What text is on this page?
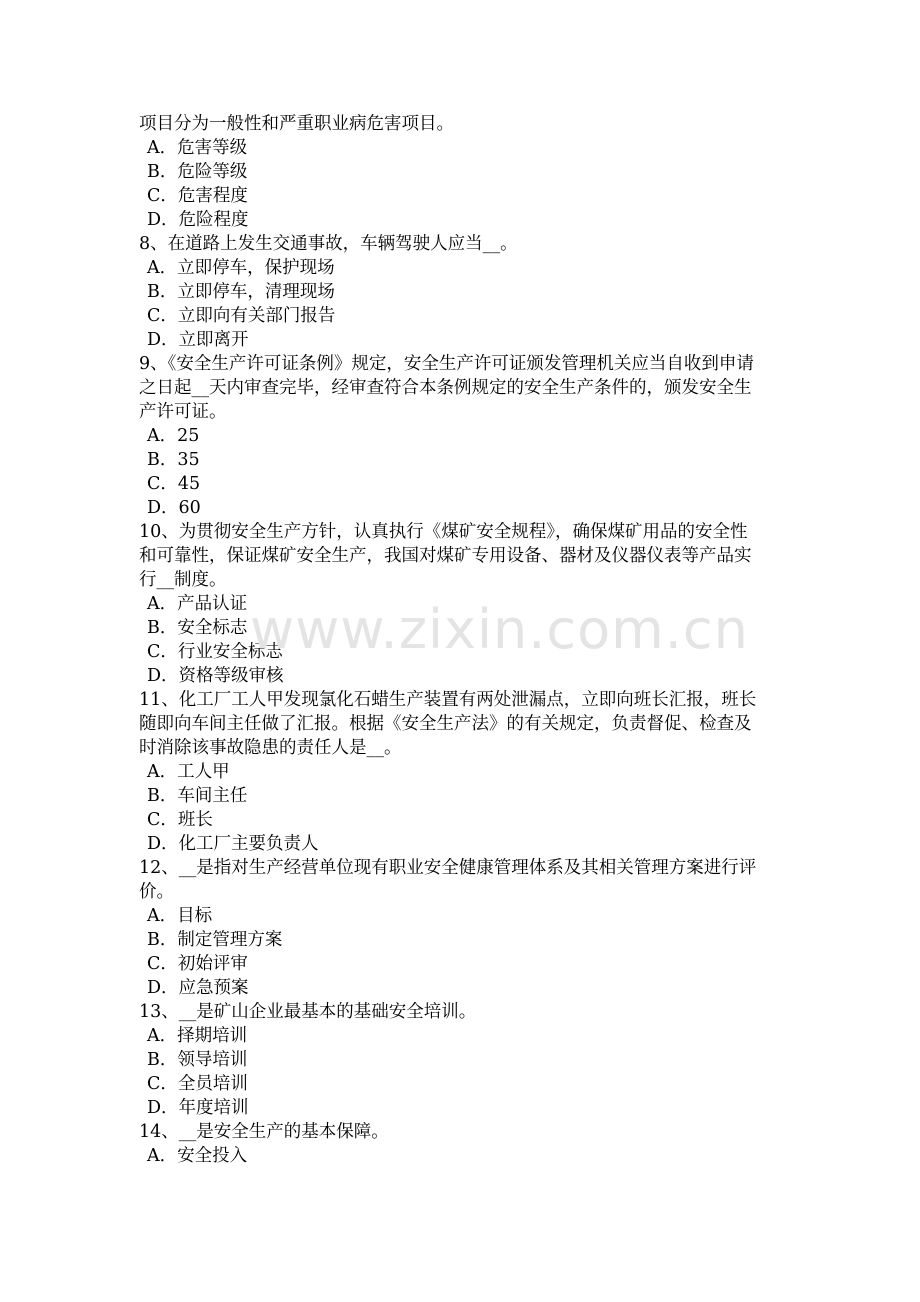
项目分为一般性和严重职业病危害项目。
A．危害等级
B．危险等级
C．危害程度
D．危险程度
8、在道路上发生交通事故，车辆驾驶人应当__。
A．立即停车，保护现场
B．立即停车，清理现场
C．立即向有关部门报告
D．立即离开
9、《安全生产许可证条例》规定，安全生产许可证颁发管理机关应当自收到申请
之日起__天内审查完毕，经审查符合本条例规定的安全生产条件的，颁发安全生
产许可证。
A．25
B．35
C．45
D．60
10、为贯彻安全生产方针，认真执行《煤矿安全规程》，确保煤矿用品的安全性
和可靠性，保证煤矿安全生产，我国对煤矿专用设备、器材及仪器仪表等产品实
行__制度。
A．产品认证
B．安全标志
C．行业安全标志
D．资格等级审核
11、化工厂工人甲发现氯化石蜡生产装置有两处泄漏点，立即向班长汇报，班长
随即向车间主任做了汇报。根据《安全生产法》的有关规定，负责督促、检查及
时消除该事故隐患的责任人是__。
A．工人甲
B．车间主任
C．班长
D．化工厂主要负责人
12、__是指对生产经营单位现有职业安全健康管理体系及其相关管理方案进行评
价。
A．目标
B．制定管理方案
C．初始评审
D．应急预案
13、__是矿山企业最基本的基础安全培训。
A．择期培训
B．领导培训
C．全员培训
D．年度培训
14、__是安全生产的基本保障。
A．安全投入
www.zixin.com.cn
